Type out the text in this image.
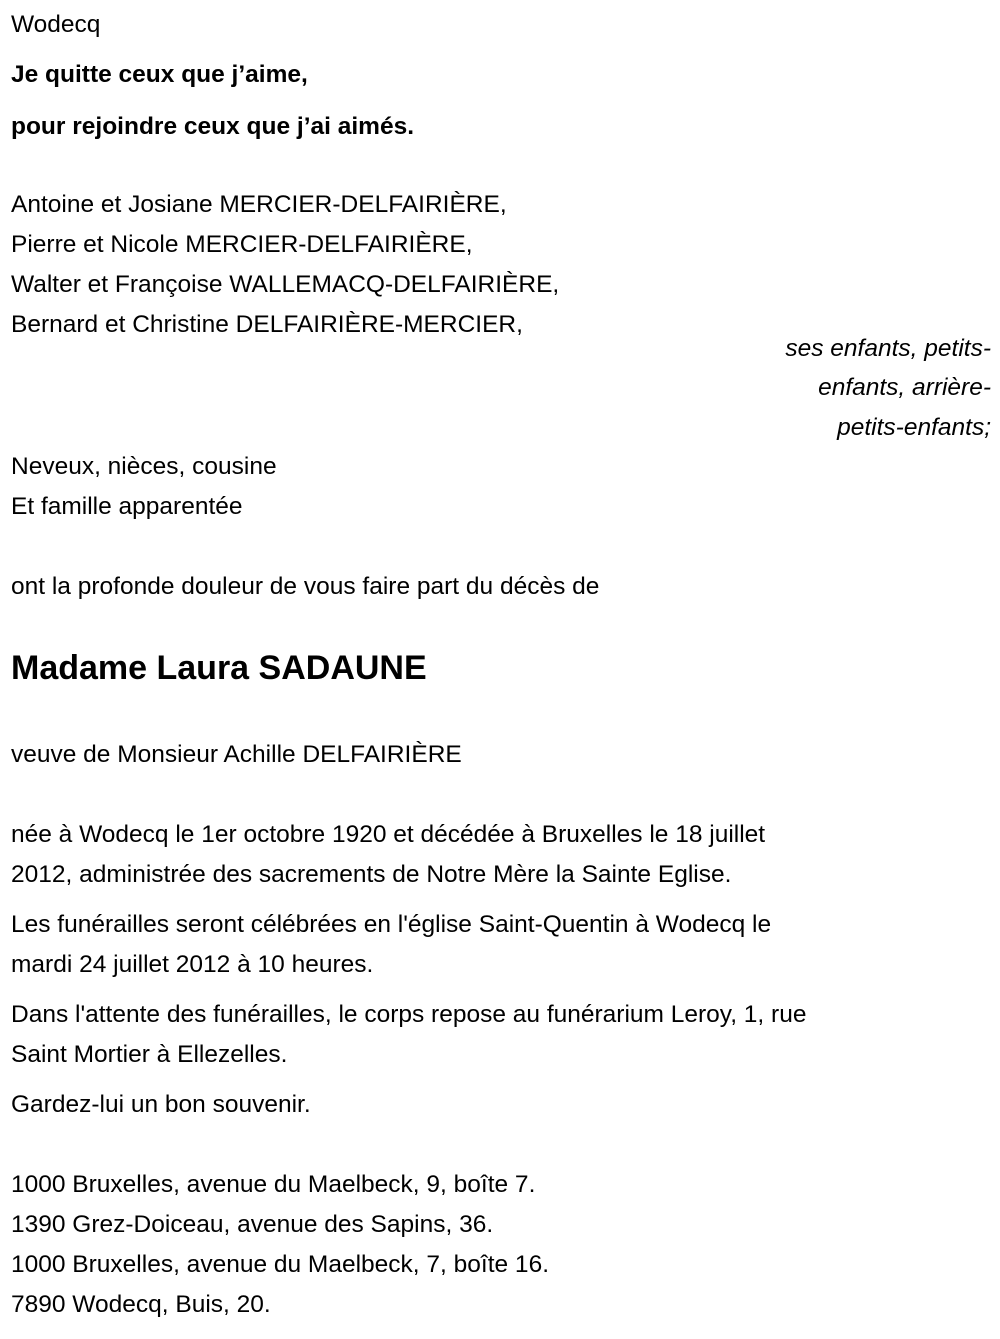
Wodecq
Je quitte ceux que j’aime,
pour rejoindre ceux que j’ai aimés.
Antoine et Josiane MERCIER-DELFAIRIÈRE,
Pierre et Nicole MERCIER-DELFAIRIÈRE,
Walter et Françoise WALLEMACQ-DELFAIRIÈRE,
Bernard et Christine DELFAIRIÈRE-MERCIER,
ses enfants, petits-
enfants, arrière-
petits-enfants;
Neveux, nièces, cousine
Et famille apparentée
ont la profonde douleur de vous faire part du décès de
Madame Laura SADAUNE
veuve de Monsieur Achille DELFAIRIÈRE
née à Wodecq le 1er octobre 1920 et décédée à Bruxelles le 18 juillet
2012, administrée des sacrements de Notre Mère la Sainte Eglise.
Les funérailles seront célébrées en l'église Saint-Quentin à Wodecq le
mardi 24 juillet 2012 à 10 heures.
Dans l'attente des funérailles, le corps repose au funérarium Leroy, 1, rue
Saint Mortier à Ellezelles.
Gardez-lui un bon souvenir.
1000 Bruxelles, avenue du Maelbeck, 9, boîte 7.
1390 Grez-Doiceau, avenue des Sapins, 36.
1000 Bruxelles, avenue du Maelbeck, 7, boîte 16.
7890 Wodecq, Buis, 20.
